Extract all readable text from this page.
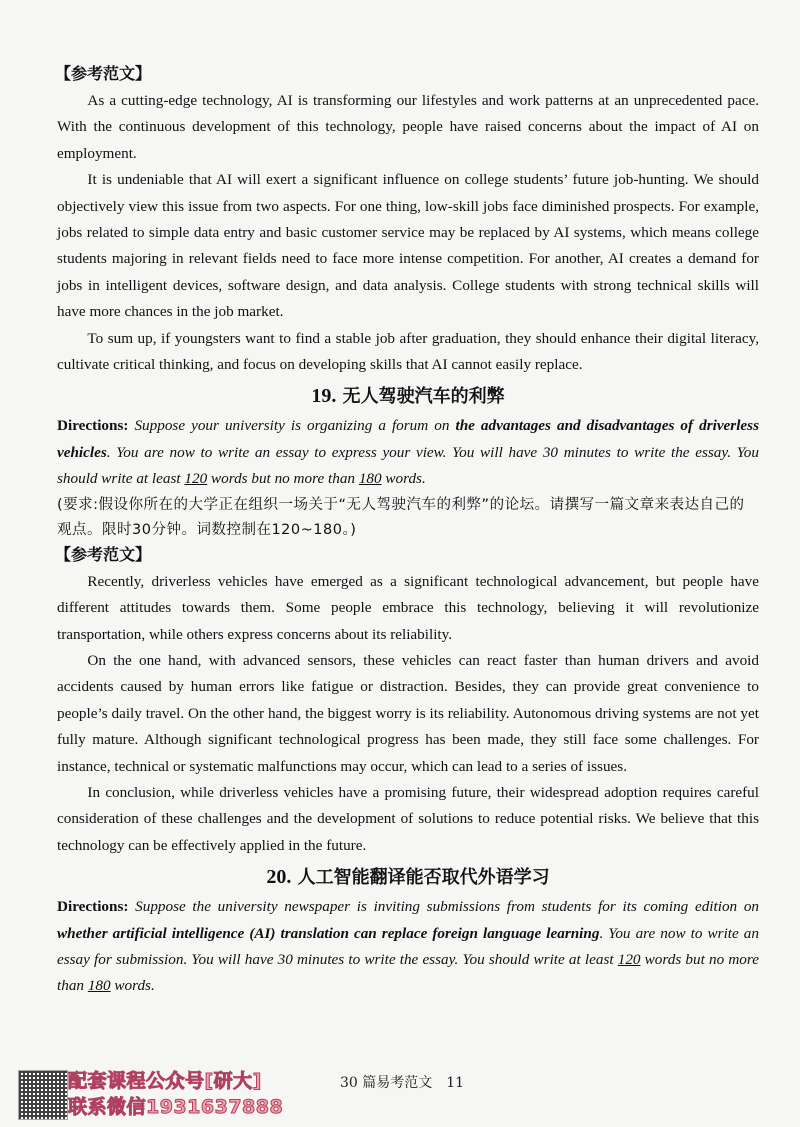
【参考范文】

As a cutting-edge technology, AI is transforming our lifestyles and work patterns at an unprecedented pace. With the continuous development of this technology, people have raised concerns about the impact of AI on employment.

It is undeniable that AI will exert a significant influence on college students’ future job-hunting. We should objectively view this issue from two aspects. For one thing, low-skill jobs face diminished prospects. For example, jobs related to simple data entry and basic customer service may be replaced by AI systems, which means college students majoring in relevant fields need to face more intense competition. For another, AI creates a demand for jobs in intelligent devices, software design, and data analysis. College students with strong technical skills will have more chances in the job market.

To sum up, if youngsters want to find a stable job after graduation, they should enhance their digital literacy, cultivate critical thinking, and focus on developing skills that AI cannot easily replace.

19. 无人驾驶汽车的利弊

Directions: Suppose your university is organizing a forum on the advantages and disadvantages of driverless vehicles. You are now to write an essay to express your view. You will have 30 minutes to write the essay. You should write at least 120 words but no more than 180 words.

(要求:假设你所在的大学正在组织一场关于“无人驾驶汽车的利弊”的论坛。请撰写一篇文章来表达自己的观点。限时30分钟。词数控制在120~180。)

【参考范文】

Recently, driverless vehicles have emerged as a significant technological advancement, but people have different attitudes towards them. Some people embrace this technology, believing it will revolutionize transportation, while others express concerns about its reliability.

On the one hand, with advanced sensors, these vehicles can react faster than human drivers and avoid accidents caused by human errors like fatigue or distraction. Besides, they can provide great convenience to people’s daily travel. On the other hand, the biggest worry is its reliability. Autonomous driving systems are not yet fully mature. Although significant technological progress has been made, they still face some challenges. For instance, technical or systematic malfunctions may occur, which can lead to a series of issues.

In conclusion, while driverless vehicles have a promising future, their widespread adoption requires careful consideration of these challenges and the development of solutions to reduce potential risks. We believe that this technology can be effectively applied in the future.

20. 人工智能翻译能否取代外语学习

Directions: Suppose the university newspaper is inviting submissions from students for its coming edition on whether artificial intelligence (AI) translation can replace foreign language learning. You are now to write an essay for submission. You will have 30 minutes to write the essay. You should write at least 120 words but no more than 180 words.

配套课程公众号[研大]
联系微信1931637888
30 篇易考范文 11
